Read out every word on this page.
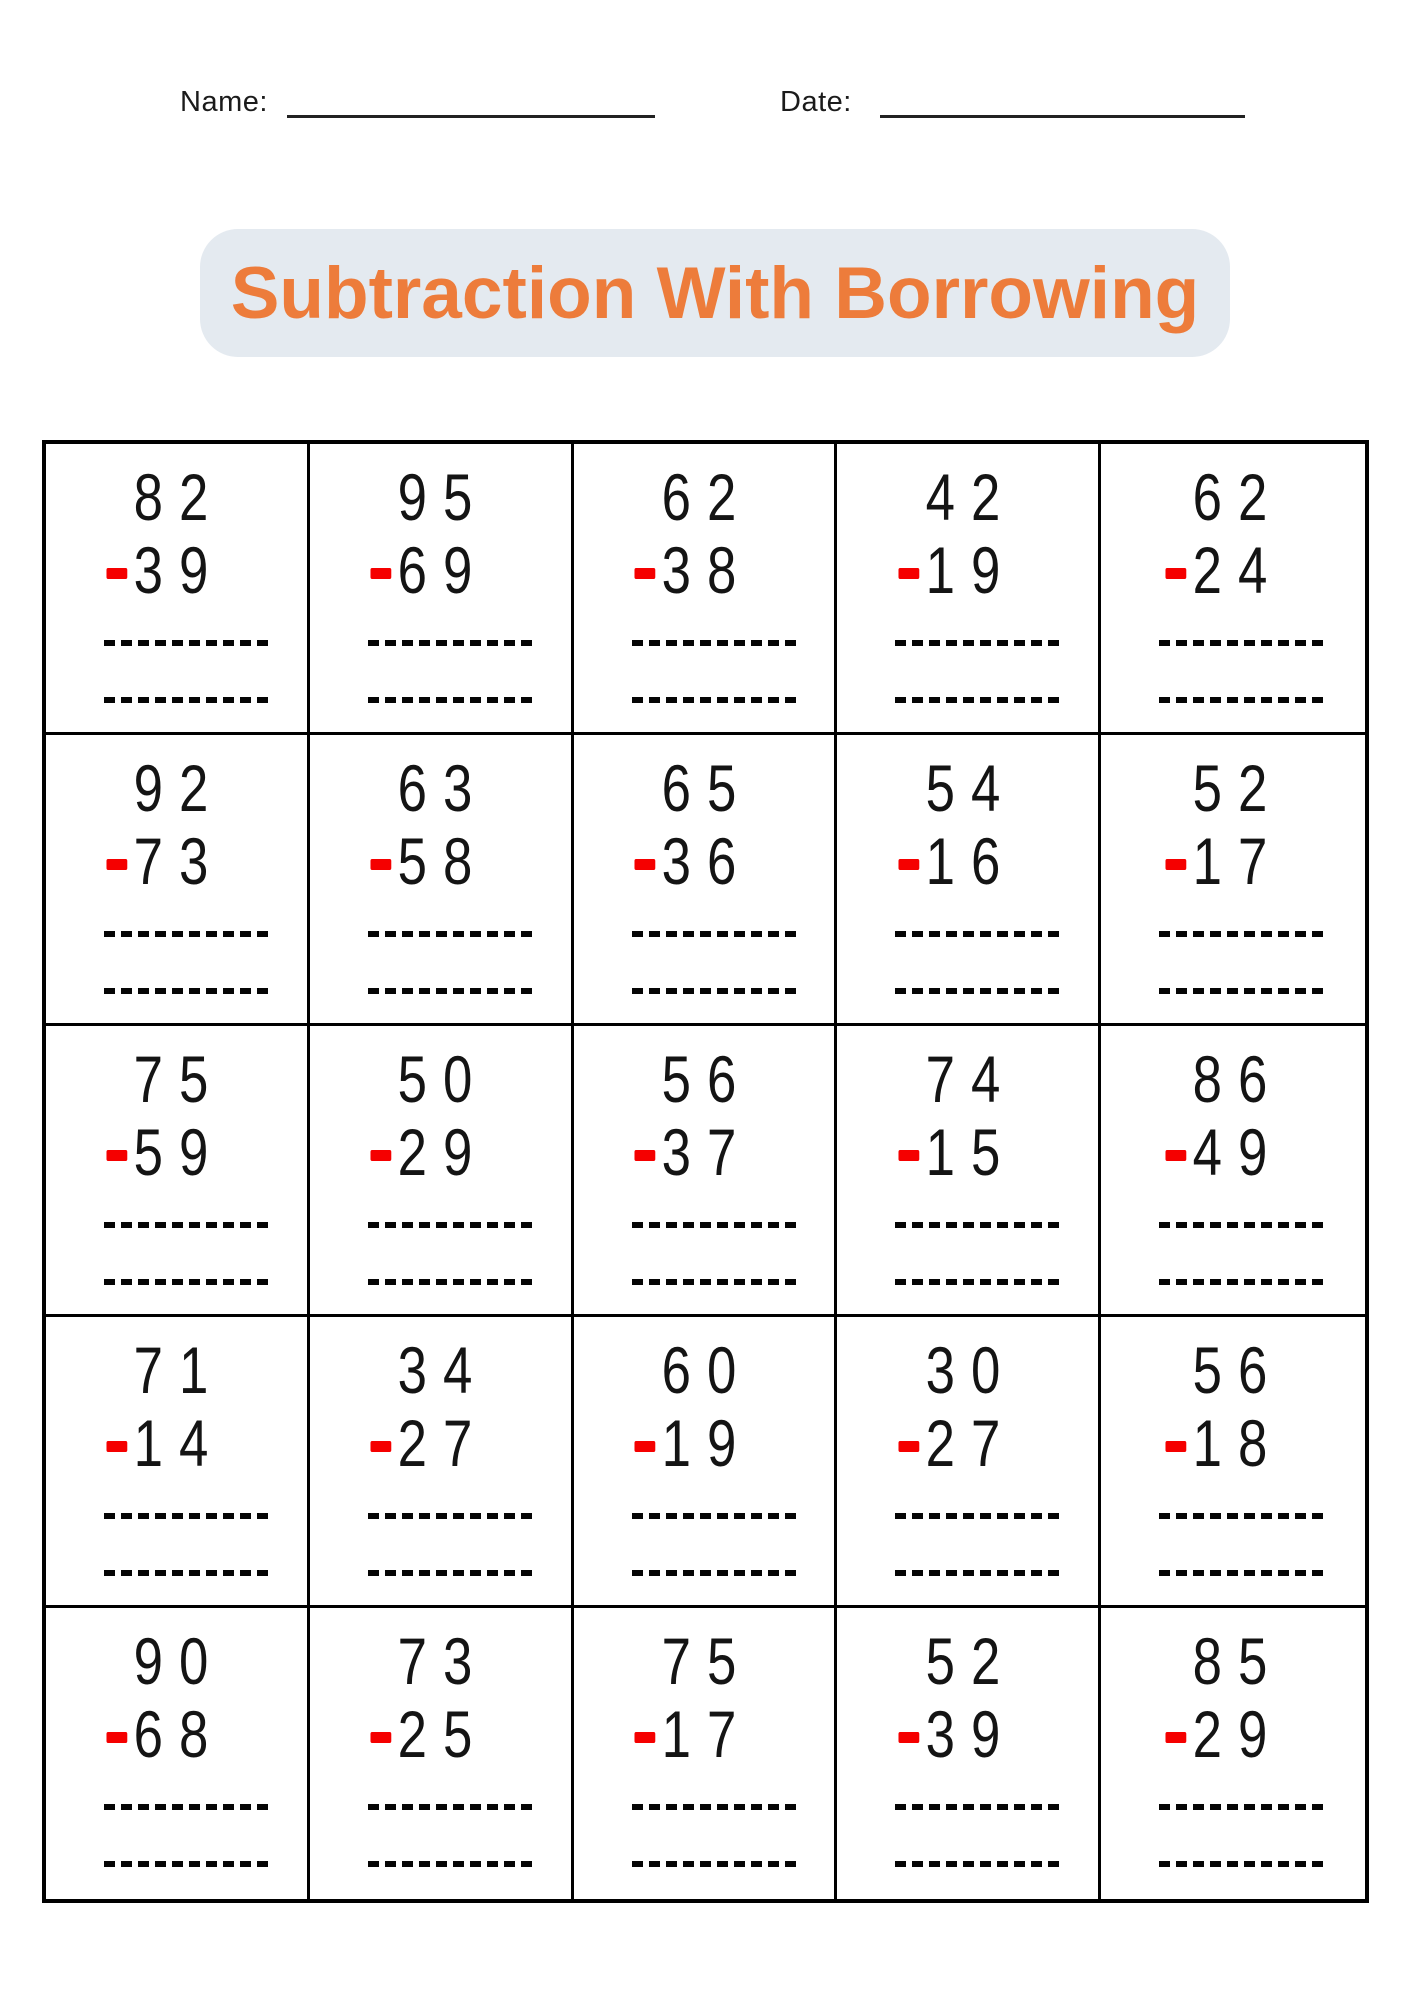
Name:	Date:
Subtraction With Borrowing
82
39
95
69
62
38
42
19
62
24
92
73
63
58
65
36
54
16
52
17
75
59
50
29
56
37
74
15
86
49
71
14
34
27
60
19
30
27
56
18
90
68
73
25
75
17
52
39
85
29
